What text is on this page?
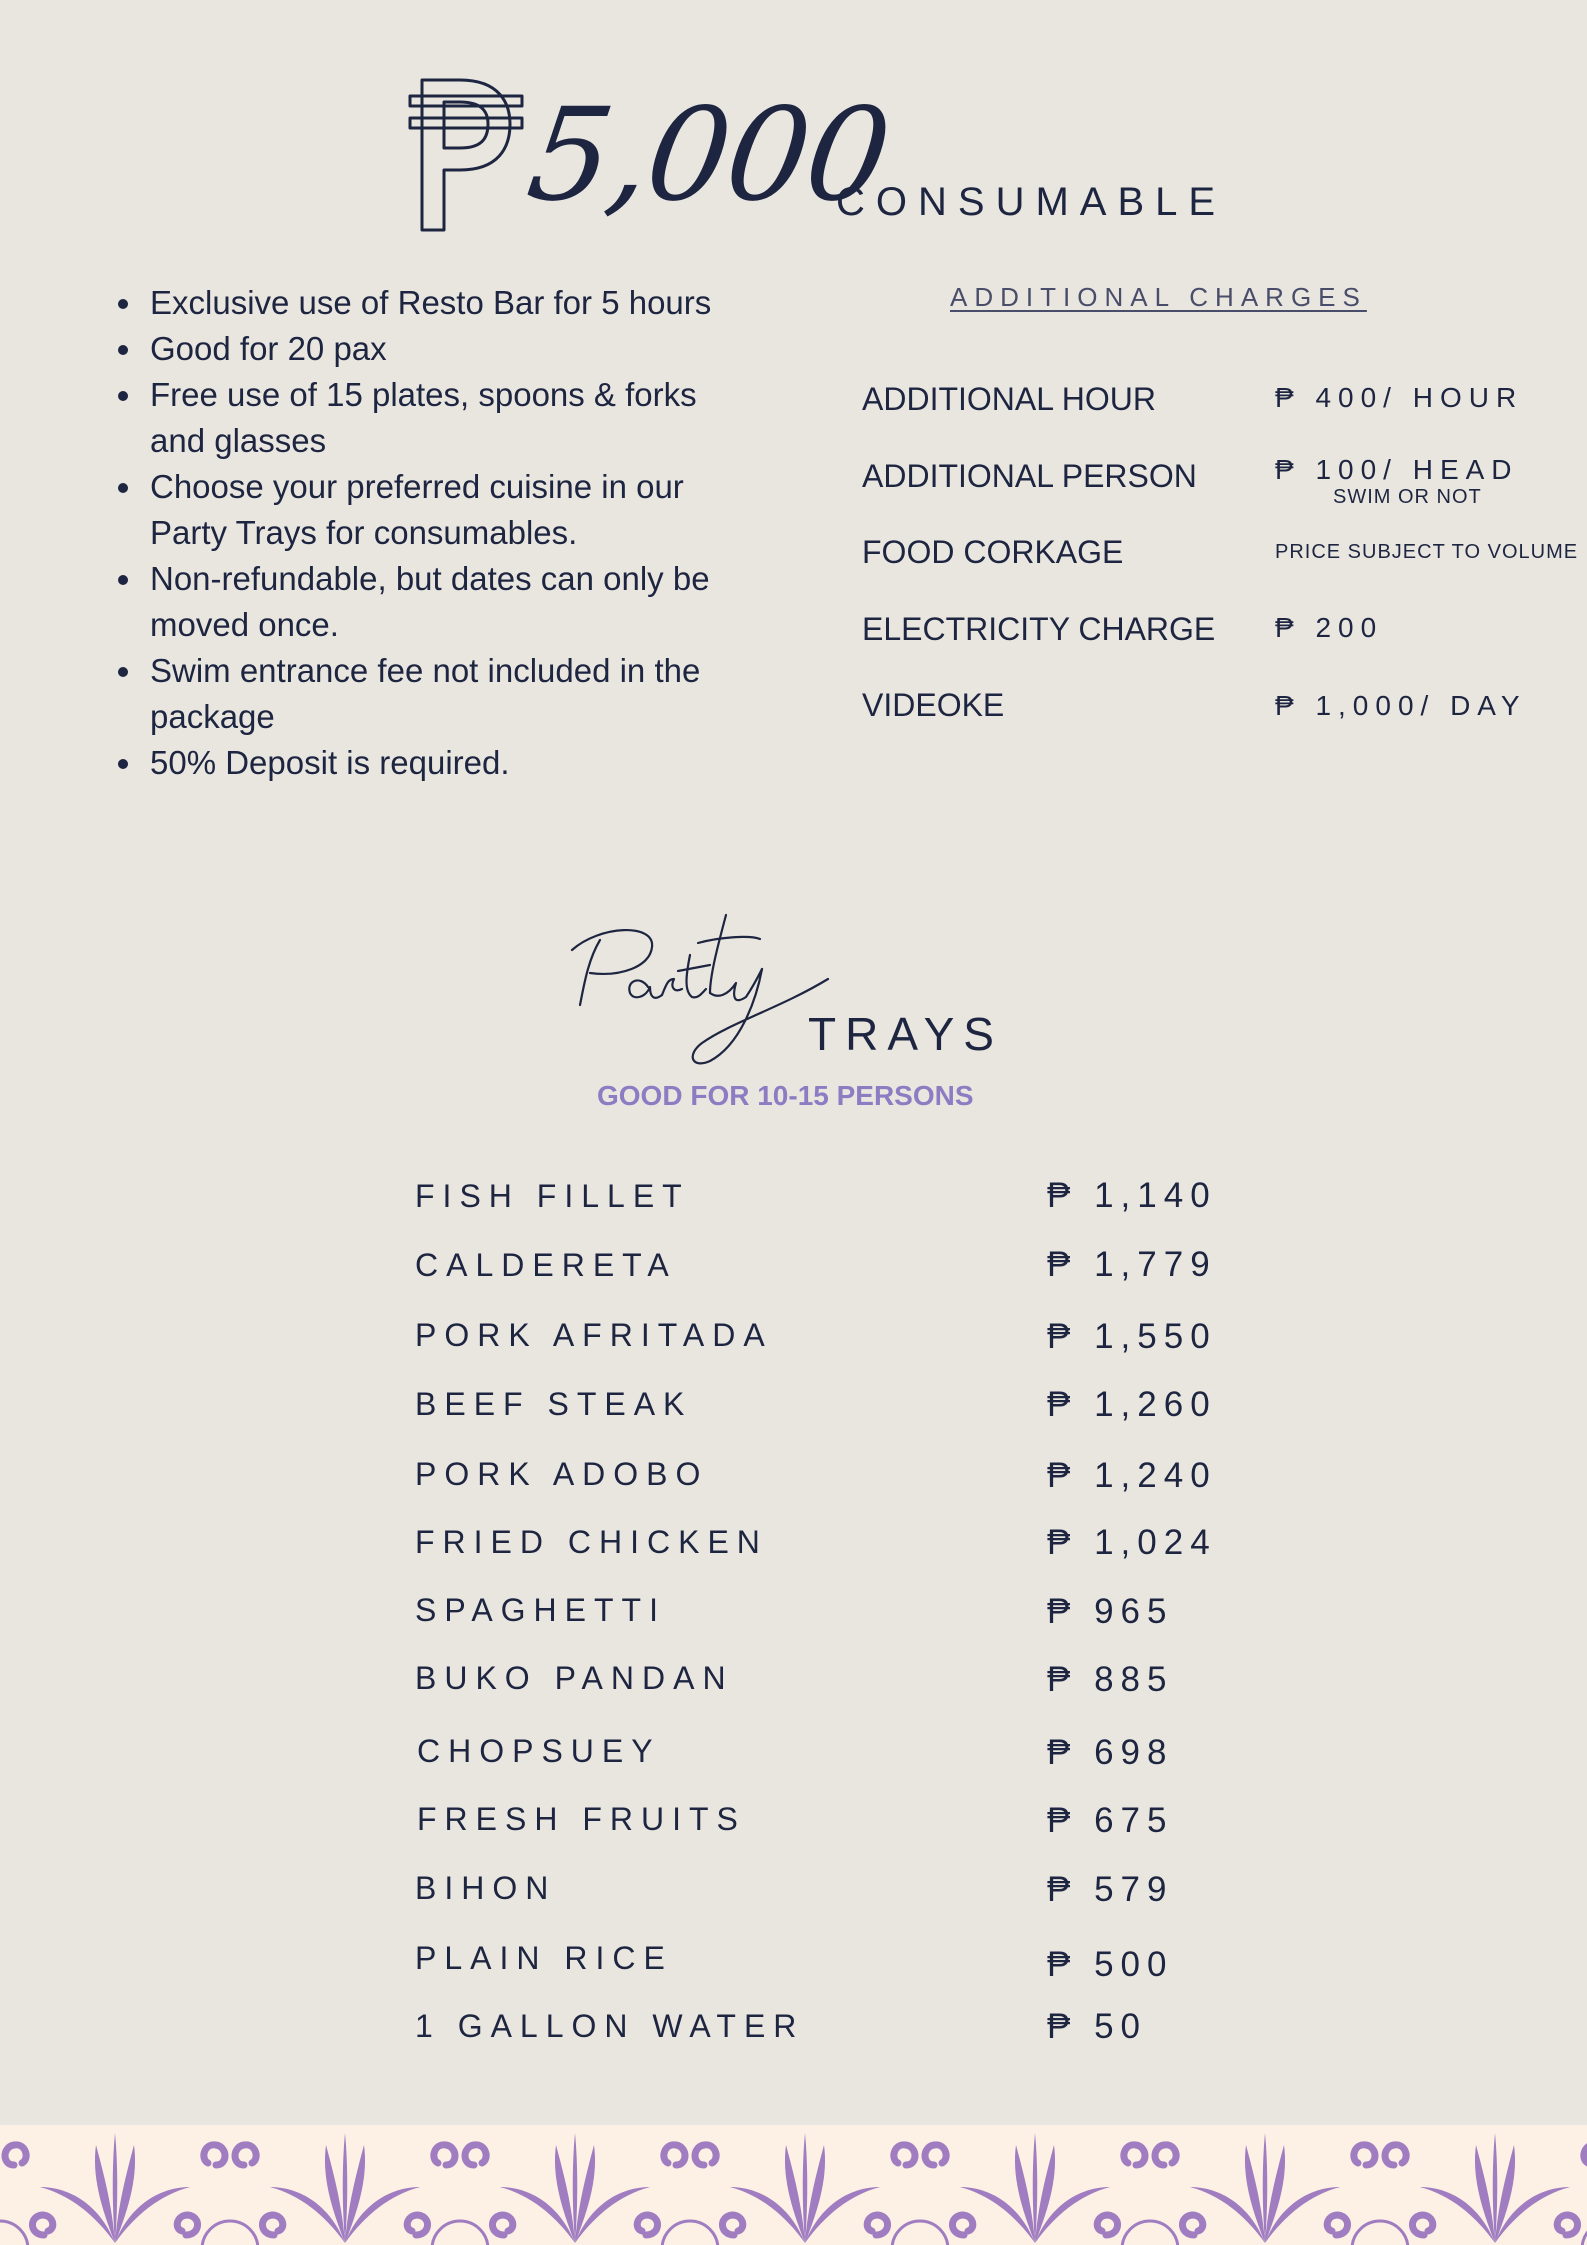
5,000
CONSUMABLE
Exclusive use of Resto Bar for 5 hours
Good for 20 pax
Free use of 15 plates, spoons & forks and glasses
Choose your preferred cuisine in our Party Trays for consumables.
Non-refundable, but dates can only be moved once.
Swim entrance fee not included in the package
50% Deposit is required.
ADDITIONAL CHARGES
ADDITIONAL HOUR	₱ 400/ HOUR
ADDITIONAL PERSON	₱ 100/ HEAD
SWIM OR NOT
FOOD CORKAGE	PRICE SUBJECT TO VOLUME
ELECTRICITY CHARGE ₱ 200
VIDEOKE	₱ 1,000/ DAY
TRAYS
GOOD FOR 10-15 PERSONS
FISH FILLET	₱ 1,140
CALDERETA	₱ 1,779
PORK AFRITADA	₱ 1,550
BEEF STEAK	₱ 1,260
PORK ADOBO	₱ 1,240
FRIED CHICKEN	₱ 1,024
SPAGHETTI	₱ 965
BUKO PANDAN	₱ 885
CHOPSUEY	₱ 698
FRESH FRUITS	₱ 675
BIHON	₱ 579
PLAIN RICE	₱ 500
1 GALLON WATER	₱ 50
